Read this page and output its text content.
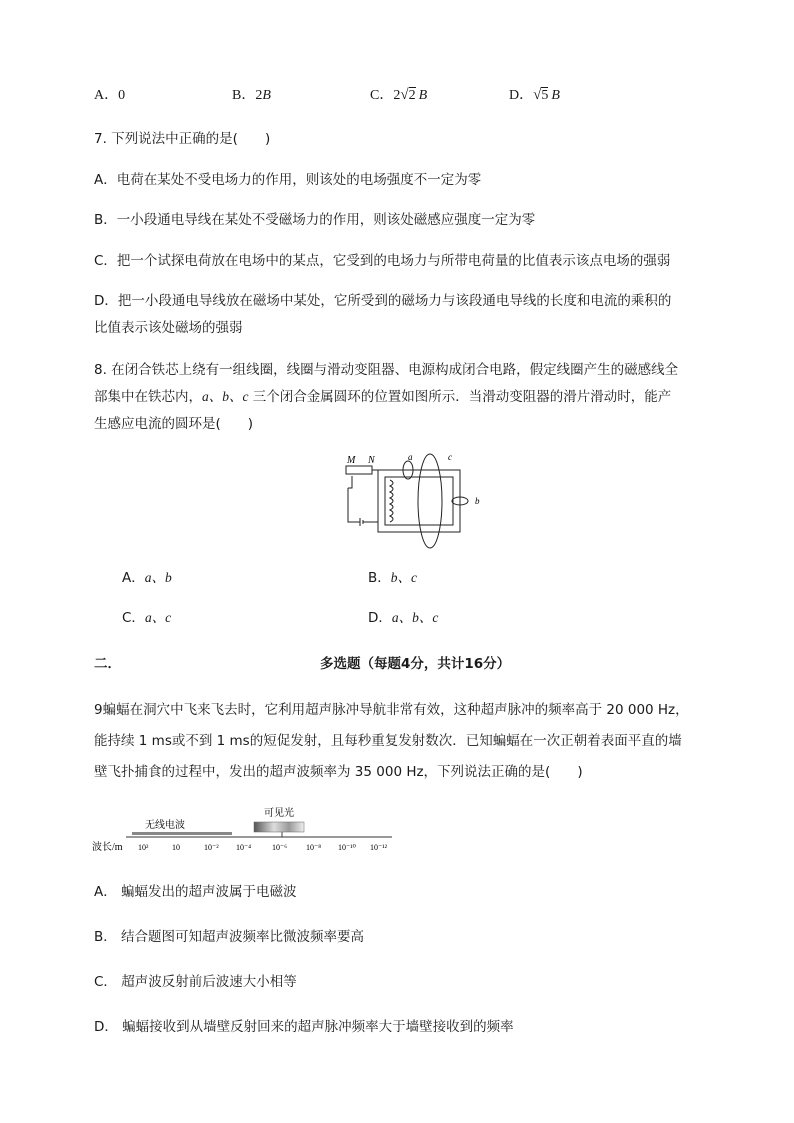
A．0	B．2B	C．2√2 B	D．√5 B
7. 下列说法中正确的是(　　)
A．电荷在某处不受电场力的作用，则该处的电场强度不一定为零
B．一小段通电导线在某处不受磁场力的作用，则该处磁感应强度一定为零
C．把一个试探电荷放在电场中的某点，它受到的电场力与所带电荷量的比值表示该点电场的强弱
D．把一小段通电导线放在磁场中某处，它所受到的磁场力与该段通电导线的长度和电流的乘积的
比值表示该处磁场的强弱
8. 在闭合铁芯上绕有一组线圈，线圈与滑动变阻器、电源构成闭合电路，假定线圈产生的磁感线全
部集中在铁芯内，a、b、c 三个闭合金属圆环的位置如图所示．当滑动变阻器的滑片滑动时，能产
生感应电流的圆环是(　　)
M N	a	c
b
A．a、b	B．b、c
C．a、c	D．a、b、c
二．	多选题（每题4分，共计16分）
9蝙蝠在洞穴中飞来飞去时，它利用超声脉冲导航非常有效，这种超声脉冲的频率高于 20 000 Hz，
能持续 1 ms或不到 1 ms的短促发射，且每秒重复发射数次．已知蝙蝠在一次正朝着表面平直的墙
壁飞扑捕食的过程中，发出的超声波频率为 35 000 Hz，下列说法正确的是(　　)
无线电波
可见光
波长/m 10²	10	10⁻² 10⁻⁴	10⁻⁶ 10⁻⁸ 10⁻¹⁰ 10⁻¹²
A． 蝙蝠发出的超声波属于电磁波
B． 结合题图可知超声波频率比微波频率要高
C． 超声波反射前后波速大小相等
D． 蝙蝠接收到从墙壁反射回来的超声脉冲频率大于墙壁接收到的频率
